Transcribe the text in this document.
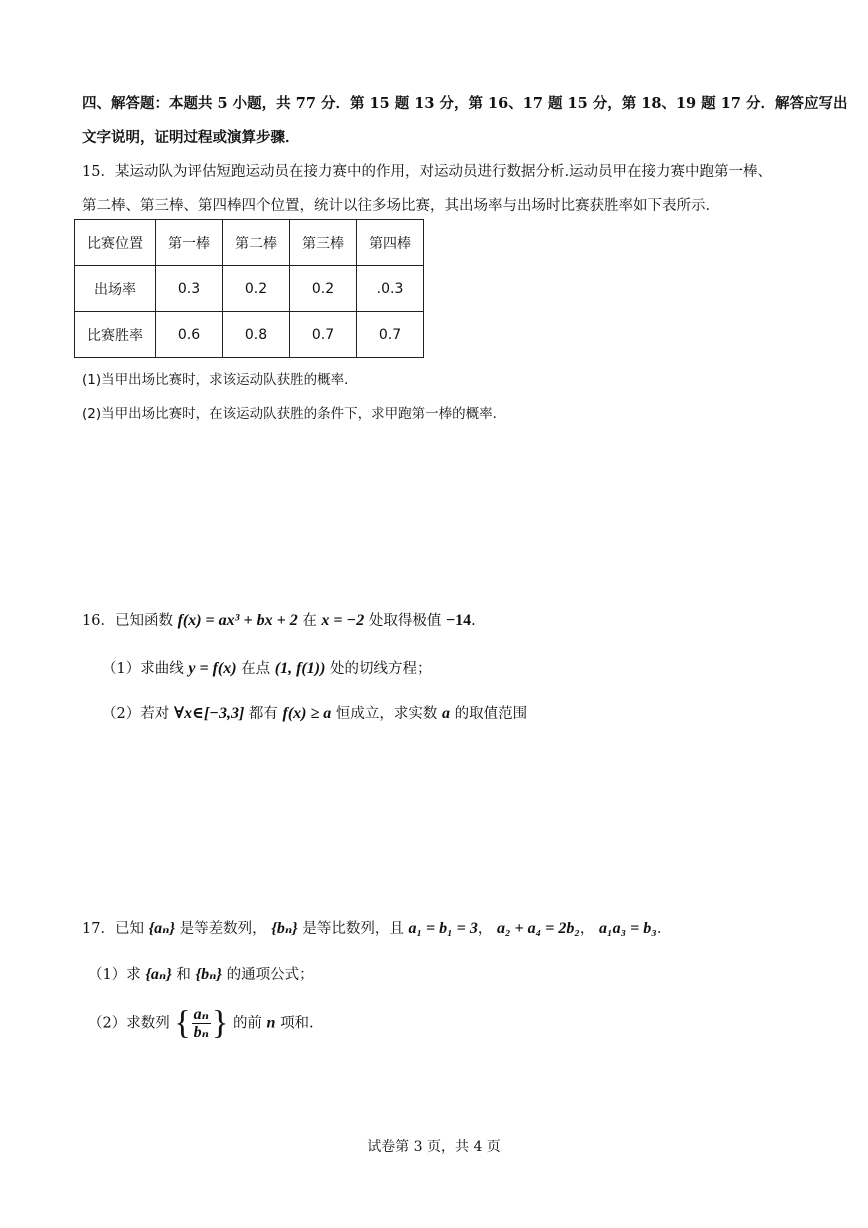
四、解答题：本题共 5 小题，共 77 分．第 15 题 13 分，第 16、17 题 15 分，第 18、19 题 17 分．解答应写出
文字说明，证明过程或演算步骤．
15．某运动队为评估短跑运动员在接力赛中的作用，对运动员进行数据分析.运动员甲在接力赛中跑第一棒、
第二棒、第三棒、第四棒四个位置，统计以往多场比赛，其出场率与出场时比赛获胜率如下表所示．
比赛位置	第一棒	第二棒	第三棒	第四棒
出场率	0.3	0.2	0.2	.0.3
比赛胜率	0.6	0.8	0.7	0.7
(1)当甲出场比赛时，求该运动队获胜的概率．
(2)当甲出场比赛时，在该运动队获胜的条件下，求甲跑第一棒的概率．
16．已知函数 f(x) = ax³ + bx + 2 在 x = −2 处取得极值 −14.
（1）求曲线 y = f(x) 在点 (1, f(1)) 处的切线方程；
（2）若对 ∀x∈[−3,3] 都有 f(x) ≥ a 恒成立，求实数 a 的取值范围
17．已知 {aₙ} 是等差数列， {bₙ} 是等比数列，且 a₁ = b₁ = 3， a₂ + a₄ = 2b₂， a₁a₃ = b₃．
（1）求 {aₙ} 和 {bₙ} 的通项公式；
（2）求数列 { $\frac{\text{aₙ}}{\text{bₙ}}$ } 的前 n 项和.
试卷第 3 页，共 4 页
